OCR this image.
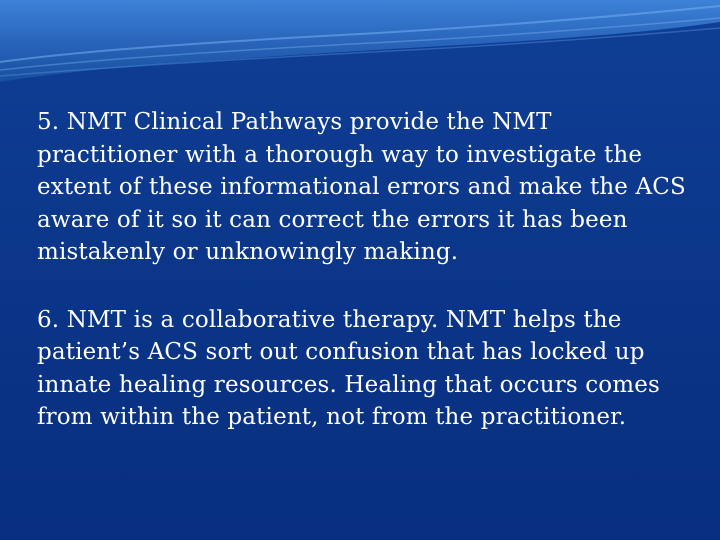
5. NMT Clinical Pathways provide the NMT practitioner with a thorough way to investigate the extent of these informational errors and make the ACS aware of it so it can correct the errors it has been mistakenly or unknowingly making.

6. NMT is a collaborative therapy. NMT helps the patient’s ACS sort out confusion that has locked up innate healing resources. Healing that occurs comes from within the patient, not from the practitioner.
